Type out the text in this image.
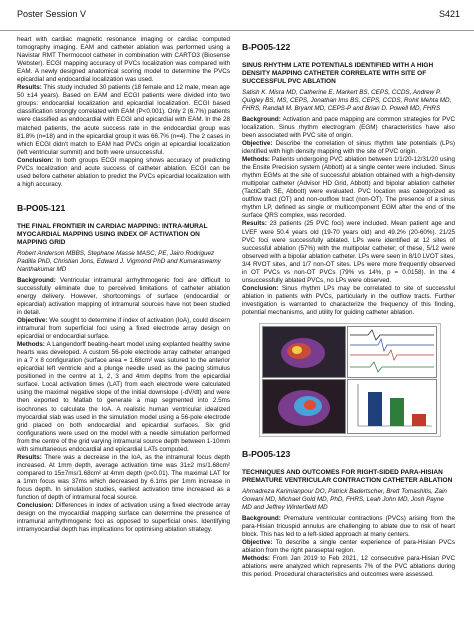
Poster Session V	S421

heart with cardiac magnetic resonance imaging or cardiac computed tomography imaging. EAM and catheter ablation was performed using a Navistar RMT Thermocool catheter in combination with CARTO3 (Biosense Webster). ECGI mapping accuracy of PVCs localization was compared with EAM. A newly designed anatomical scoring model to determine the PVCs epicardial and endocardial localization was used.

Results: This study included 30 patients (18 female and 12 male, mean age 50 ±14 years). Based on EAM and ECGI patients were divided into two groups: endocardial localization and epicardial localization. ECGI based classification strongly correlated with EAM (P<0.001). Only 2 (6.7%) patients were classified as endocardial with ECGI and epicardial with EAM. In the 28 matched patients, the acute success rate in the endocardial group was 81.8% (n=18) and in the epicardial group it was 66.7% (n=4). The 2 cases in which ECGI didn't match to EAM had PVCs origin at epicardial localization (left ventricular summit) and both were unsuccessful.

Conclusion: In both groups ECGI mapping shows accuracy of predicting PVCs localization and acute success of catheter ablation. ECGI can be used before catheter ablation to predict the PVCs epicardial localization with a high accuracy.

B-PO05-121
THE FINAL FRONTIER IN CARDIAC MAPPING: INTRA-MURAL MYOCARDIAL MAPPING USING INDEX OF ACTIVATION ON MAPPING GRID
Robert Anderson MBBS, Stephane Masse MASC, PE, Jairo Rodriguez Padilla PhD, Christian Jons, Edward J. Vigmond PhD and Kumaraswamy Nanthakumar MD

Background: Ventricular intramural arrhythmogenic foci are difficult to successfully eliminate due to perceived limitations of catheter ablation energy delivery. However, shortcomings of surface (endocardial or epicardial) activation mapping of intramural sources have not been studied in detail.

Objective: We sought to determine if index of activation (IoA), could discern intramural from superficial foci using a fixed electrode array design on epicardial or endocardial surface.

Methods: A Langendorff beating-heart model using explanted healthy swine hearts was developed. A custom 56-pole electrode array catheter arranged in a 7 x 8 configuration (surface area = 1.68cm² was sutured to the anterior epicardial left ventricle and a plunge needle used as the pacing stimulus positioned in the centre at 1, 2, 3 and 4mm depths from the epicardial surface. Local activation times (LAT) from each electrode were calculated using the maximal negative slope of the initial downslope (-dV/dt) and were then exported to Matlab to generate a map segmented into 2.5ms isochrones to calculate the IoA. A realistic human ventricular idealized myocardial slab was used in the simulation model using a 56-pole electrode grid placed on both endocardial and epicardial surfaces. Six grid configurations were used on the model with a needle simulation performed from the centre of the grid varying intramural source depth between 1-10mm with simultaneous endocardial and epicardial LATs computed.

Results: There was a decrease in the IoA, as the intramural focus depth increased. At 1mm depth, average activation time was 31±2 ms/1.68cm² compared to 15±7ms/1.68cm² at 4mm depth (p<0.01). The maximal LAT for a 1mm focus was 37ms which decreased by 6.1ms per 1mm increase in focus depth. In simulation studies, earliest activation time increased as a function of depth of intramural focal source.

Conclusion: Differences in index of activation using a fixed electrode array design on the myocardial mapping surface can determine the presence of intramural arrhythmogenic foci as opposed to superficial ones. Identifying intramyocardial depth has implications for optimising ablation strategy.

B-PO05-122
SINUS RHYTHM LATE POTENTIALS IDENTIFIED WITH A HIGH DENSITY MAPPING CATHETER CORRELATE WITH SITE OF SUCCESSFUL PVC ABLATION
Satish K. Misra MD, Catherine E. Markert BS, CEPS, CCDS, Andrew P. Quigley BS, MS, CEPS, Jonathan Ims BS, CEPS, CCDS, Rohit Mehta MD, FHRS, Randall M. Bryant MD, CEPS-P and Brian D. Powell MD, FHRS

Background: Activation and pace mapping are common strategies for PVC localization. Sinus rhythm electrogram (EGM) characteristics have also been associated with PVC site of origin.

Objective: Describe the correlation of sinus rhythm late potentials (LPs) identified with high density mapping with the site of PVC origin.

Methods: Patients undergoing PVC ablation between 1/1/20-12/31/20 using the Ensite Precision system (Abbott) at a single center were included. Sinus rhythm EGMs at the site of successful ablation obtained with a high-density multipolar catheter (Advisor HD Grid, Abbott) and bipolar ablation catheter (TactiCath SE, Abbott) were evaluated. PVC location was categorized as outflow tract (OT) and non-outflow tract (non-OT). The presence of a sinus rhythm LP, defined as single or multicomponent EGM after the end of the surface QRS complex, was recorded.

Results: 23 patients (25 PVC foci) were included. Mean patient age and LVEF were 50.4 years old (19-70 years old) and 49.2% (20-60%). 21/25 PVC foci were successfully ablated. LPs were identified at 12 sites of successful ablation (57%) with the multipolar catheter; of these, 5/12 were observed with a bipolar ablation catheter. LPs were seen in 8/10 LVOT sites, 3/4 RVOT sites, and 1/7 non-OT sites. LPs were more frequently observed in OT PVCs vs non-OT PVCs (79% vs 14%, p = 0.0158). In the 4 unsuccessfully ablated PVCs, no LPs were observed.

Conclusion: Sinus rhythm LPs may be correlated to site of successful ablation in patients with PVCs, particularly in the outflow tracts. Further investigation is warranted to characterize the frequency of this finding, potential mechanisms, and utility for guiding catheter ablation.

B-PO05-123
TECHNIQUES AND OUTCOMES FOR RIGHT-SIDED PARA-HISIAN PREMATURE VENTRICULAR CONTRACTION CATHETER ABLATION
Ahmadreza Karimianpour DO, Patrick Badertscher, Brett Tomashitis, Zain Gowani MD, Michael Gold MD, PhD, FHRS, Leah John MD, Josh Payne MD and Jeffrey Winterfield MD

Background: Premature ventricular contractions (PVCs) arising from the para-Hisian tricuspid annulus are challenging to ablate due to risk of heart block. This has led to a left-sided approach at many centers.

Objective: To describe a single center experience of para-Hisian PVCs ablation from the right paraseptal region.

Methods: From Jan 2019 to Feb 2021, 12 consecutive para-Hisian PVC ablations were analyzed which represents 7% of the PVC ablations during this period. Procedural characteristics and outcomes were assessed.
